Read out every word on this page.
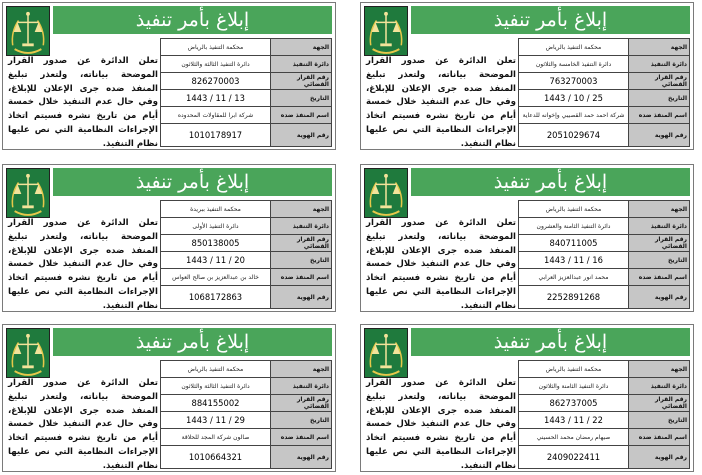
إبلاغ بأمر تنفيذ
الجهة	محكمة التنفيذ بالرياض
دائرة التنفيذ	دائرة التنفيذ الخامسة والثلاثون
رقم القرار القضائي	763270003
التاريخ	1443 / 10 / 25
اسم المنفذ ضده	شركة احمد حمد القصيبي وإخوانه للدعاية
رقم الهوية	2051029674
تعلن الدائرة عن صدور القرار الموضحة بياناته، ولتعذر تبليغ المنفذ ضده جرى الإعلان للإبلاغ، وفي حال عدم التنفيذ خلال خمسة أيام من تاريخ نشره فسيتم اتخاذ الإجراءات النظامية التي نص عليها نظام التنفيذ.
إبلاغ بأمر تنفيذ
الجهة	محكمة التنفيذ بالرياض
دائرة التنفيذ	دائرة التنفيذ الثالثة والثلاثون
رقم القرار القضائي	826270003
التاريخ	1443 / 11 / 13
اسم المنفذ ضده	شركة ابرا للمقاولات المحدوده
رقم الهوية	1010178917
تعلن الدائرة عن صدور القرار الموضحة بياناته، ولتعذر تبليغ المنفذ ضده جرى الإعلان للإبلاغ، وفي حال عدم التنفيذ خلال خمسة أيام من تاريخ نشره فسيتم اتخاذ الإجراءات النظامية التي نص عليها نظام التنفيذ.
إبلاغ بأمر تنفيذ
الجهة	محكمة التنفيذ بالرياض
دائرة التنفيذ	دائرة التنفيذ الثامنة والعشرون
رقم القرار القضائي	840711005
التاريخ	1443 / 11 / 16
اسم المنفذ ضده	محمد انور عبدالعزيز العرابي
رقم الهوية	2252891268
تعلن الدائرة عن صدور القرار الموضحة بياناته، ولتعذر تبليغ المنفذ ضده جرى الإعلان للإبلاغ، وفي حال عدم التنفيذ خلال خمسة أيام من تاريخ نشره فسيتم اتخاذ الإجراءات النظامية التي نص عليها نظام التنفيذ.
إبلاغ بأمر تنفيذ
الجهة	محكمة التنفيذ ببريدة
دائرة التنفيذ	دائرة التنفيذ الأولى
رقم القرار القضائي	850138005
التاريخ	1443 / 11 / 20
اسم المنفذ ضده	خالد بن عبدالعزيز بن صالح العواس
رقم الهوية	1068172863
تعلن الدائرة عن صدور القرار الموضحة بياناته، ولتعذر تبليغ المنفذ ضده جرى الإعلان للإبلاغ، وفي حال عدم التنفيذ خلال خمسة أيام من تاريخ نشره فسيتم اتخاذ الإجراءات النظامية التي نص عليها نظام التنفيذ.
إبلاغ بأمر تنفيذ
الجهة	محكمة التنفيذ بالرياض
دائرة التنفيذ	دائرة التنفيذ الثامنة والثلاثون
رقم القرار القضائي	862737005
التاريخ	1443 / 11 / 22
اسم المنفذ ضده	صيهام رمضان محمد الحسيني
رقم الهوية	2409022411
تعلن الدائرة عن صدور القرار الموضحة بياناته، ولتعذر تبليغ المنفذ ضده جرى الإعلان للإبلاغ، وفي حال عدم التنفيذ خلال خمسة أيام من تاريخ نشره فسيتم اتخاذ الإجراءات النظامية التي نص عليها نظام التنفيذ.
إبلاغ بأمر تنفيذ
الجهة	محكمة التنفيذ بالرياض
دائرة التنفيذ	دائرة التنفيذ الثالثة والثلاثون
رقم القرار القضائي	884155002
التاريخ	1443 / 11 / 29
اسم المنفذ ضده	صالون شركة المجد للحلاقة
رقم الهوية	1010664321
تعلن الدائرة عن صدور القرار الموضحة بياناته، ولتعذر تبليغ المنفذ ضده جرى الإعلان للإبلاغ، وفي حال عدم التنفيذ خلال خمسة أيام من تاريخ نشره فسيتم اتخاذ الإجراءات النظامية التي نص عليها نظام التنفيذ.
